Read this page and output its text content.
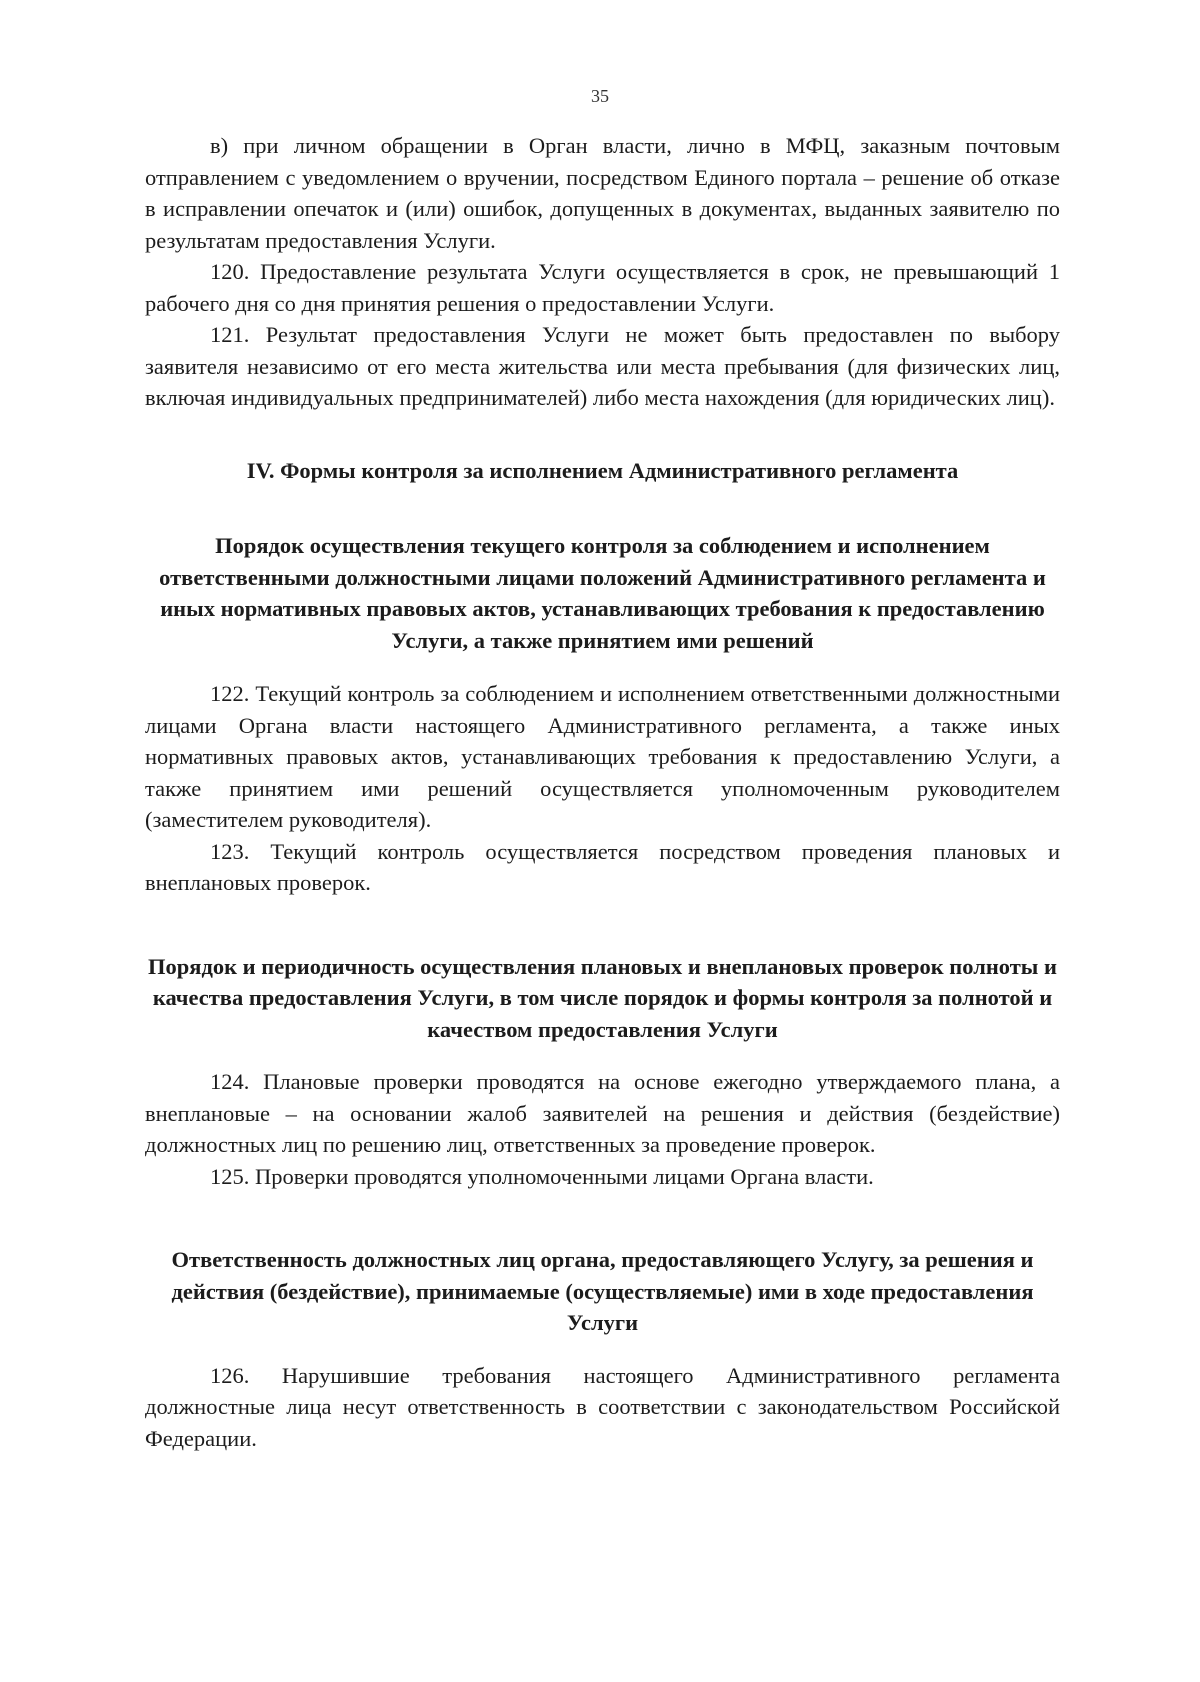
35

в) при личном обращении в Орган власти, лично в МФЦ, заказным почтовым отправлением с уведомлением о вручении, посредством Единого портала – решение об отказе в исправлении опечаток и (или) ошибок, допущенных в документах, выданных заявителю по результатам предоставления Услуги.

120. Предоставление результата Услуги осуществляется в срок, не превышающий 1 рабочего дня со дня принятия решения о предоставлении Услуги.

121. Результат предоставления Услуги не может быть предоставлен по выбору заявителя независимо от его места жительства или места пребывания (для физических лиц, включая индивидуальных предпринимателей) либо места нахождения (для юридических лиц).

IV. Формы контроля за исполнением Административного регламента

Порядок осуществления текущего контроля за соблюдением и исполнением ответственными должностными лицами положений Административного регламента и иных нормативных правовых актов, устанавливающих требования к предоставлению Услуги, а также принятием ими решений

122. Текущий контроль за соблюдением и исполнением ответственными должностными лицами Органа власти настоящего Административного регламента, а также иных нормативных правовых актов, устанавливающих требования к предоставлению Услуги, а также принятием ими решений осуществляется уполномоченным руководителем (заместителем руководителя).

123. Текущий контроль осуществляется посредством проведения плановых и внеплановых проверок.

Порядок и периодичность осуществления плановых и внеплановых проверок полноты и качества предоставления Услуги, в том числе порядок и формы контроля за полнотой и качеством предоставления Услуги

124. Плановые проверки проводятся на основе ежегодно утверждаемого плана, а внеплановые – на основании жалоб заявителей на решения и действия (бездействие) должностных лиц по решению лиц, ответственных за проведение проверок.

125. Проверки проводятся уполномоченными лицами Органа власти.

Ответственность должностных лиц органа, предоставляющего Услугу, за решения и действия (бездействие), принимаемые (осуществляемые) ими в ходе предоставления Услуги

126. Нарушившие требования настоящего Административного регламента должностные лица несут ответственность в соответствии с законодательством Российской Федерации.
